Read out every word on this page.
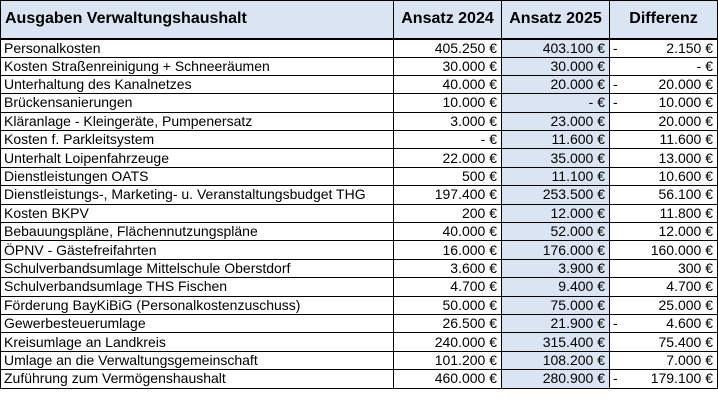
Ausgaben Verwaltungshaushalt	Ansatz 2024	Ansatz 2025	Differenz
Personalkosten	405.250 €	403.100 €	- 2.150 €

Kosten Straßenreinigung + Schneeräumen	30.000 €	30.000 €	- €

Unterhaltung des Kanalnetzes	40.000 €	20.000 €	- 20.000 €

Brückensanierungen	10.000 €	- €	- 10.000 €

Kläranlage - Kleingeräte, Pumpenersatz	3.000 €	23.000 €	20.000 €

Kosten f. Parkleitsystem	- €	11.600 €	11.600 €

Unterhalt Loipenfahrzeuge	22.000 €	35.000 €	13.000 €

Dienstleistungen OATS	500 €	11.100 €	10.600 €

Dienstleistungs-, Marketing- u. Veranstaltungsbudget THG	197.400 €	253.500 €	56.100 €

Kosten BKPV	200 €	12.000 €	11.800 €

Bebauungspläne, Flächennutzungspläne	40.000 €	52.000 €	12.000 €

ÖPNV - Gästefreifahrten	16.000 €	176.000 €	160.000 €

Schulverbandsumlage Mittelschule Oberstdorf	3.600 €	3.900 €	300 €

Schulverbandsumlage THS Fischen	4.700 €	9.400 €	4.700 €

Förderung BayKiBiG (Personalkostenzuschuss)	50.000 €	75.000 €	25.000 €

Gewerbesteuerumlage	26.500 €	21.900 €	- 4.600 €

Kreisumlage an Landkreis	240.000 €	315.400 €	75.400 €

Umlage an die Verwaltungsgemeinschaft	101.200 €	108.200 €	7.000 €

Zuführung zum Vermögenshaushalt	460.000 €	280.900 €	- 179.100 €
